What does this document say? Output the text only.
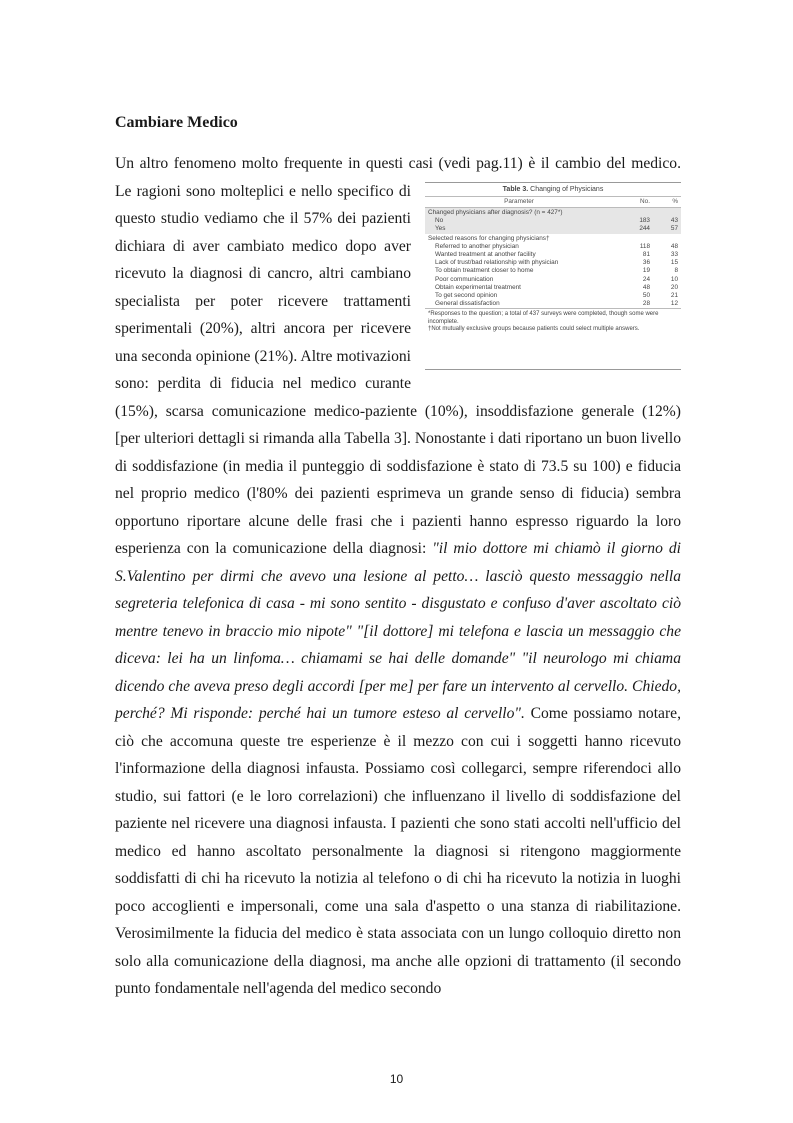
Cambiare Medico

Un altro fenomeno molto frequente in questi casi (vedi pag.11) è il cambio del medico.

Table 3. Changing of Physicians
Parameter	No.	%
Changed physicians after diagnosis? (n = 427*)		
No	183	43
Yes	244	57
Selected reasons for changing physicians†		
Referred to another physician	118	48
Wanted treatment at another facility	81	33
Lack of trust/bad relationship with physician	36	15
To obtain treatment closer to home	19	8
Poor communication	24	10
Obtain experimental treatment	48	20
To get second opinion	50	21
General dissatisfaction	28	12
*Responses to the question; a total of 437 surveys were completed, though some were incomplete.
†Not mutually exclusive groups because patients could select multiple answers.

Le ragioni sono molteplici e nello specifico di questo studio vediamo che il 57% dei pazienti dichiara di aver cambiato medico dopo aver ricevuto la diagnosi di cancro, altri cambiano specialista per poter ricevere trattamenti sperimentali (20%), altri ancora per ricevere una seconda opinione (21%). Altre motivazioni sono: perdita di fiducia nel medico curante (15%), scarsa comunicazione medico-paziente (10%), insoddisfazione generale (12%) [per ulteriori dettagli si rimanda alla Tabella 3]. Nonostante i dati riportano un buon livello di soddisfazione (in media il punteggio di soddisfazione è stato di 73.5 su 100) e fiducia nel proprio medico (l'80% dei pazienti esprimeva un grande senso di fiducia) sembra opportuno riportare alcune delle frasi che i pazienti hanno espresso riguardo la loro esperienza con la comunicazione della diagnosi: "il mio dottore mi chiamò il giorno di S.Valentino per dirmi che avevo una lesione al petto… lasciò questo messaggio nella segreteria telefonica di casa - mi sono sentito - disgustato e confuso d'aver ascoltato ciò mentre tenevo in braccio mio nipote" "[il dottore] mi telefona e lascia un messaggio che diceva: lei ha un linfoma… chiamami se hai delle domande" "il neurologo mi chiama dicendo che aveva preso degli accordi [per me] per fare un intervento al cervello. Chiedo, perché? Mi risponde: perché hai un tumore esteso al cervello". Come possiamo notare, ciò che accomuna queste tre esperienze è il mezzo con cui i soggetti hanno ricevuto l'informazione della diagnosi infausta. Possiamo così collegarci, sempre riferendoci allo studio, sui fattori (e le loro correlazioni) che influenzano il livello di soddisfazione del paziente nel ricevere una diagnosi infausta. I pazienti che sono stati accolti nell'ufficio del medico ed hanno ascoltato personalmente la diagnosi si ritengono maggiormente soddisfatti di chi ha ricevuto la notizia al telefono o di chi ha ricevuto la notizia in luoghi poco accoglienti e impersonali, come una sala d'aspetto o una stanza di riabilitazione. Verosimilmente la fiducia del medico è stata associata con un lungo colloquio diretto non solo alla comunicazione della diagnosi, ma anche alle opzioni di trattamento (il secondo punto fondamentale nell'agenda del medico secondo

10
